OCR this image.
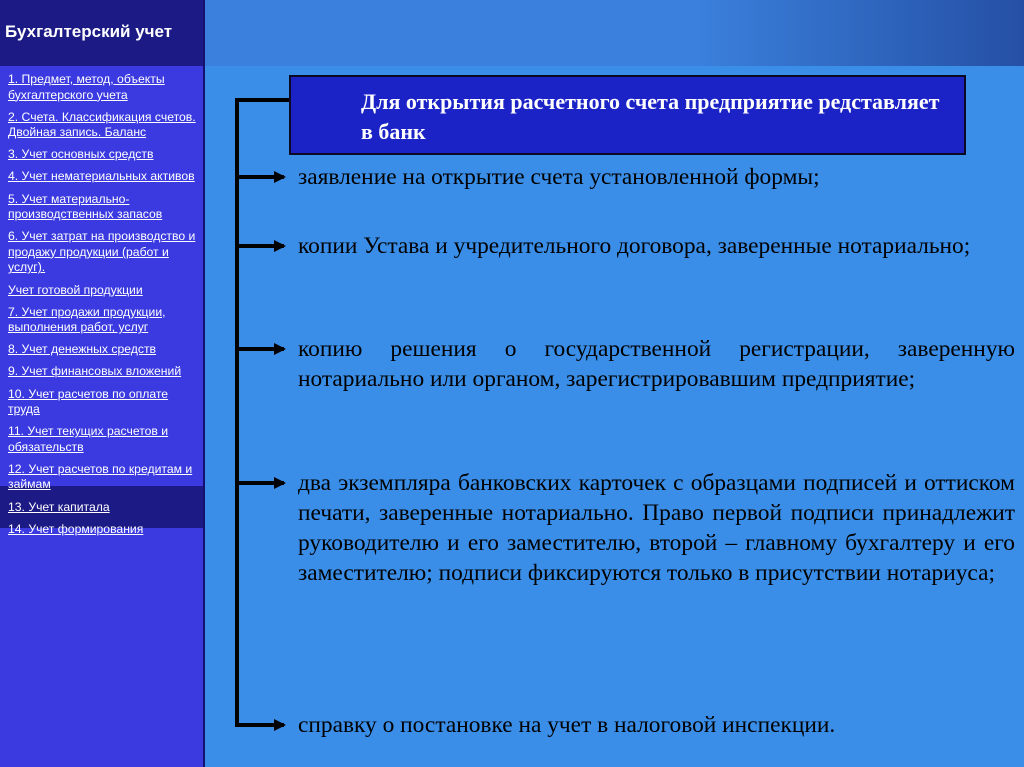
Бухгалтерский учет
1. Предмет, метод, объекты бухгалтерского учета
2. Счета. Классификация счетов. Двойная запись. Баланс
3. Учет основных средств
4. Учет нематериальных активов
5. Учет материально-производственных запасов
6. Учет затрат на производство и продажу продукции (работ и услуг).
Учет готовой продукции
7. Учет продажи продукции, выполнения работ, услуг
8. Учет денежных средств
9. Учет финансовых вложений
10. Учет расчетов по оплате труда
11. Учет текущих расчетов и обязательств
12. Учет расчетов по кредитам и займам
13. Учет капитала
14. Учет формирования
Для открытия расчетного счета предприятие редставляет в банк
заявление на открытие счета установленной формы;
копии Устава и учредительного договора, заверенные нотариально;
копию решения о государственной регистрации, заверенную нотариально или органом, зарегистрировавшим предприятие;
два экземпляра банковских карточек с образцами подписей и оттиском печати, заверенные нотариально. Право первой подписи принадлежит руководителю и его заместителю, второй – главному бухгалтеру и его заместителю; подписи фиксируются только в присутствии нотариуса;
справку о постановке на учет в налоговой инспекции.
